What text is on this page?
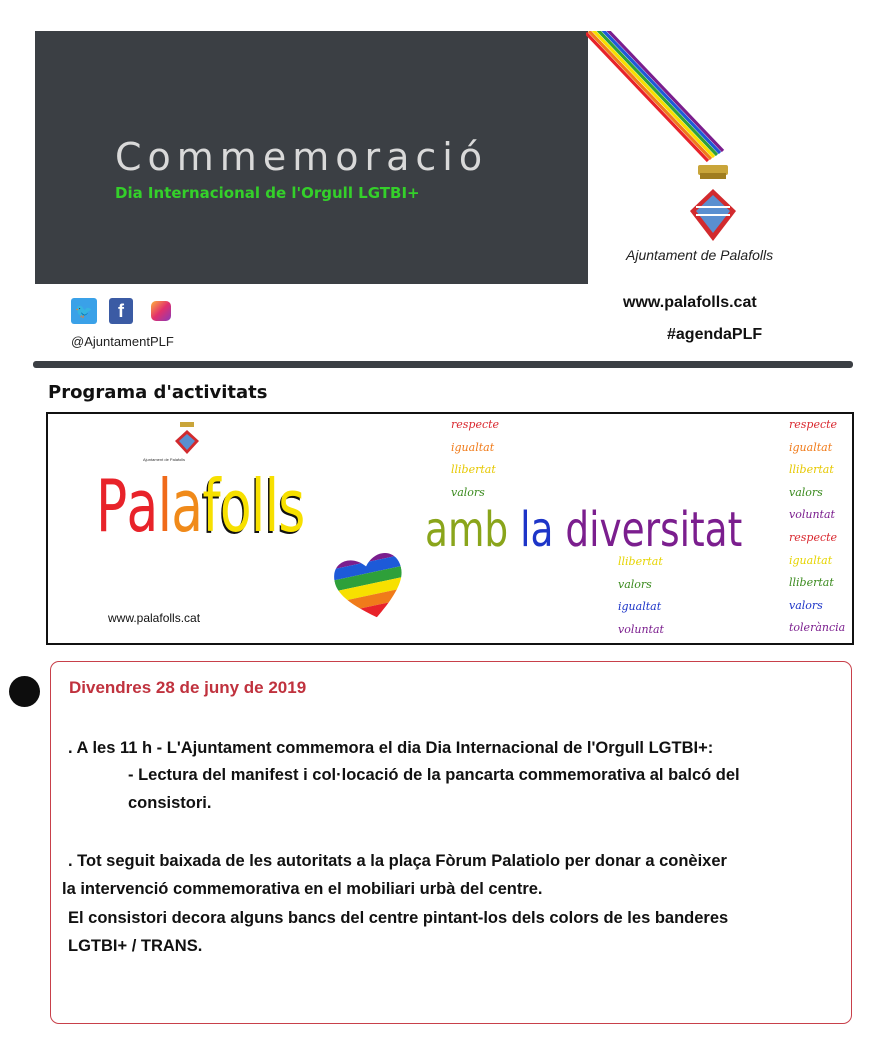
Commemoració
Dia Internacional de l'Orgull LGTBI+
Ajuntament de Palafolls
🐦	f
@AjuntamentPLF
www.palafolls.cat
#agendaPLF
Programa d'activitats
Ajuntament de Palafolls
Palafolls	amb la diversitat
www.palafolls.cat
respecte
igualtat
llibertat
valors
llibertat
valors
igualtat
voluntat
respecte
igualtat
llibertat
valors
voluntat
respecte
igualtat
llibertat
valors
tolerància
Divendres 28 de juny de 2019
. A les 11 h - L'Ajuntament commemora el dia Dia Internacional de l'Orgull LGTBI+:
- Lectura del manifest i col·locació de la pancarta commemorativa al balcó del
consistori.
. Tot seguit baixada de les autoritats a la plaça Fòrum Palatiolo per donar a conèixer
la intervenció commemorativa en el mobiliari urbà del centre.
El consistori decora alguns bancs del centre pintant-los dels colors de les banderes
LGTBI+ / TRANS.
